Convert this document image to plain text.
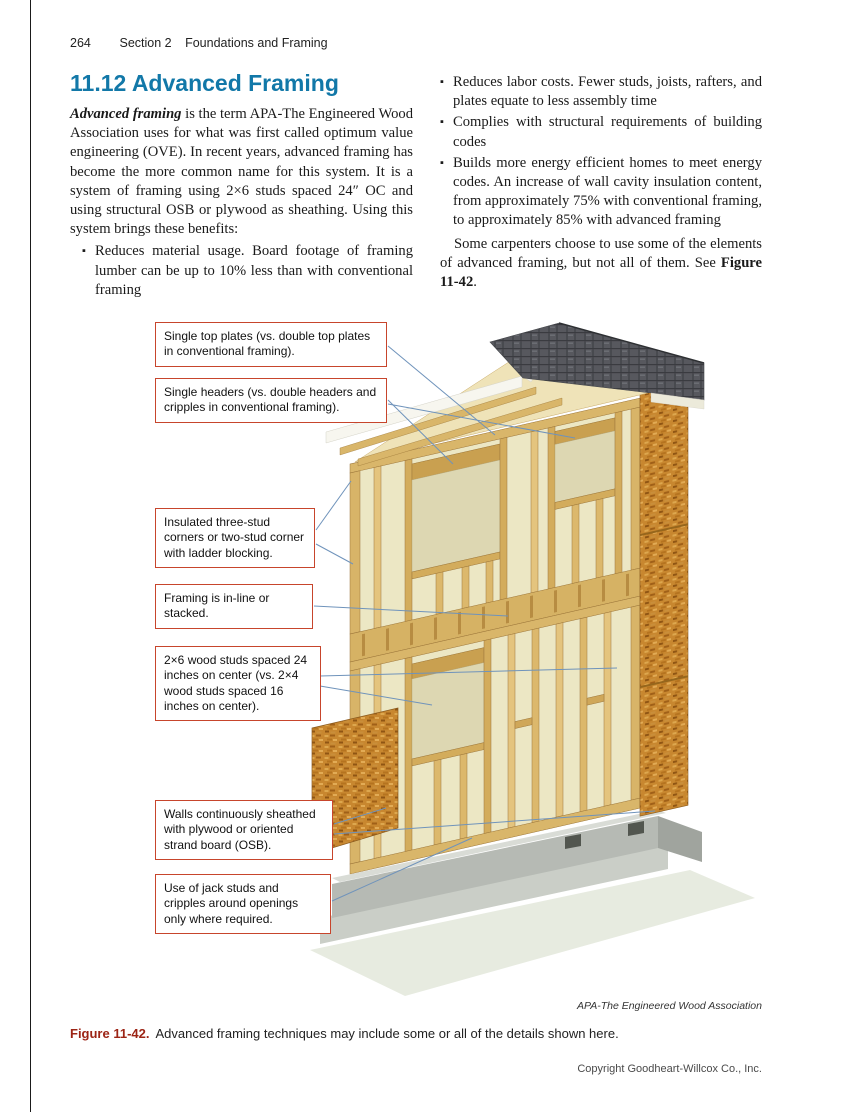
264 Section 2 Foundations and Framing
11.12 Advanced Framing

Advanced framing is the term APA-The Engineered Wood Association uses for what was first called optimum value engineering (OVE). In recent years, advanced framing has become the more common name for this system. It is a system of framing using 2×6 studs spaced 24″ OC and using structural OSB or plywood as sheathing. Using this system brings these benefits:

▪ Reduces material usage. Board footage of framing lumber can be up to 10% less than with conventional framing
▪ Reduces labor costs. Fewer studs, joists, rafters, and plates equate to less assembly time
▪ Complies with structural requirements of building codes
▪ Builds more energy efficient homes to meet energy codes. An increase of wall cavity insulation content, from approximately 75% with conventional framing, to approximately 85% with advanced framing

Some carpenters choose to use some of the elements of advanced framing, but not all of them. See Figure 11-42.

Single top plates (vs. double top plates in conventional framing).
Single headers (vs. double headers and cripples in conventional framing).
Insulated three-stud corners or two-stud corner with ladder blocking.
Framing is in-line or stacked.
2×6 wood studs spaced 24 inches on center (vs. 2×4 wood studs spaced 16 inches on center).
Walls continuously sheathed with plywood or oriented strand board (OSB).
Use of jack studs and cripples around openings only where required.
APA-The Engineered Wood Association

Figure 11-42. Advanced framing techniques may include some or all of the details shown here.

Copyright Goodheart-Willcox Co., Inc.
